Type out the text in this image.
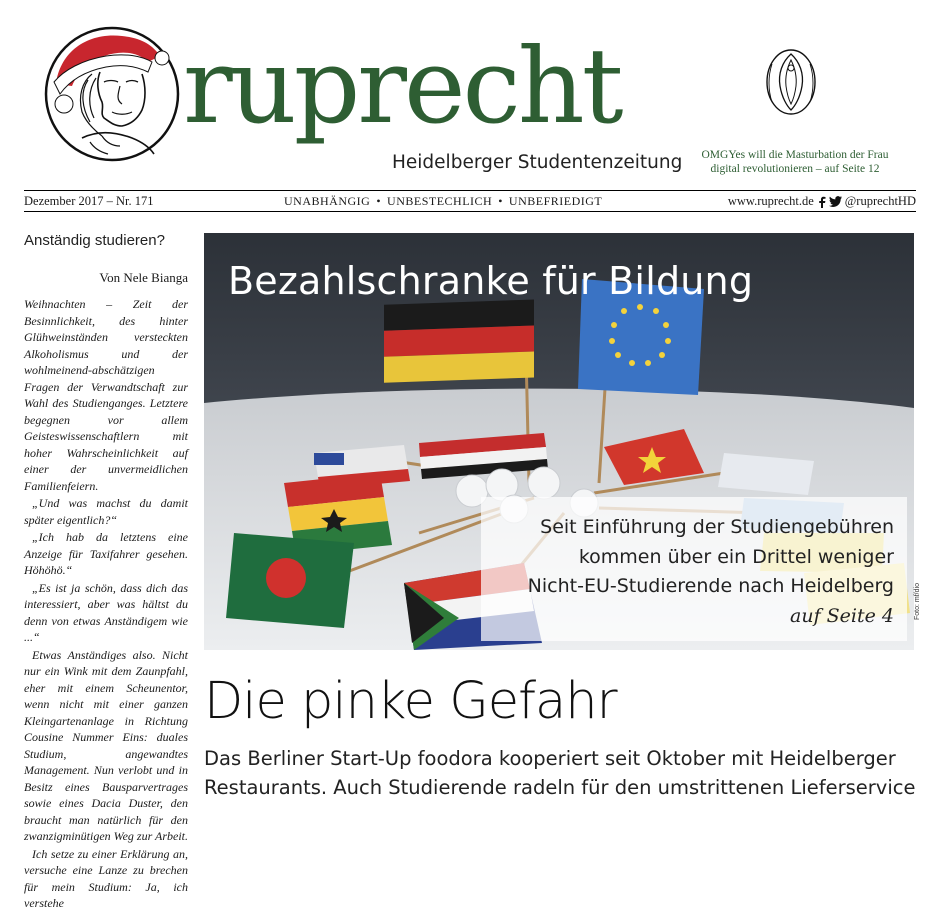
ruprecht
Heidelberger Studentenzeitung	OMGYes will die Masturbation der Frau digital revolutionieren – auf Seite 12
Dezember 2017 – Nr. 171	UNABHÄNGIG • UNBESTECHLICH • UNBEFRIEDIGT	www.ruprecht.de @ruprechtHD
Anständig studieren?
Von Nele Bianga

Weihnachten – Zeit der Besinnlichkeit, des hinter Glühweinständen versteckten Alkoholismus und der wohlmeinend-abschätzigen Fragen der Verwandtschaft zur Wahl des Studienganges. Letztere begegnen vor allem Geisteswissenschaftlern mit hoher Wahrscheinlichkeit auf einer der unvermeidlichen Familienfeiern.

„Und was machst du damit später eigentlich?“

„Ich hab da letztens eine Anzeige für Taxifahrer gesehen. Höhöhö.“

„Es ist ja schön, dass dich das interessiert, aber was hältst du denn von etwas Anständigem wie ...“

Etwas Anständiges also. Nicht nur ein Wink mit dem Zaunpfahl, eher mit einem Scheunentor, wenn nicht mit einer ganzen Kleingartenanlage in Richtung Cousine Nummer Eins: duales Studium, angewandtes Management. Nun verlobt und in Besitz eines Bausparvertrages sowie eines Dacia Duster, den braucht man natürlich für den zwanzigminütigen Weg zur Arbeit.

Ich setze zu einer Erklärung an, versuche eine Lanze zu brechen für mein Studium: Ja, ich verstehe

Bezahlschranke für Bildung
Seit Einführung der Studiengebühren
kommen über ein Drittel weniger
Nicht-EU-Studierende nach Heidelberg
auf Seite 4	Foto: mf/dio
Die pinke Gefahr
Das Berliner Start-Up foodora kooperiert seit Oktober mit Heidelberger Restaurants. Auch Studierende radeln für den umstrittenen Lieferservice
